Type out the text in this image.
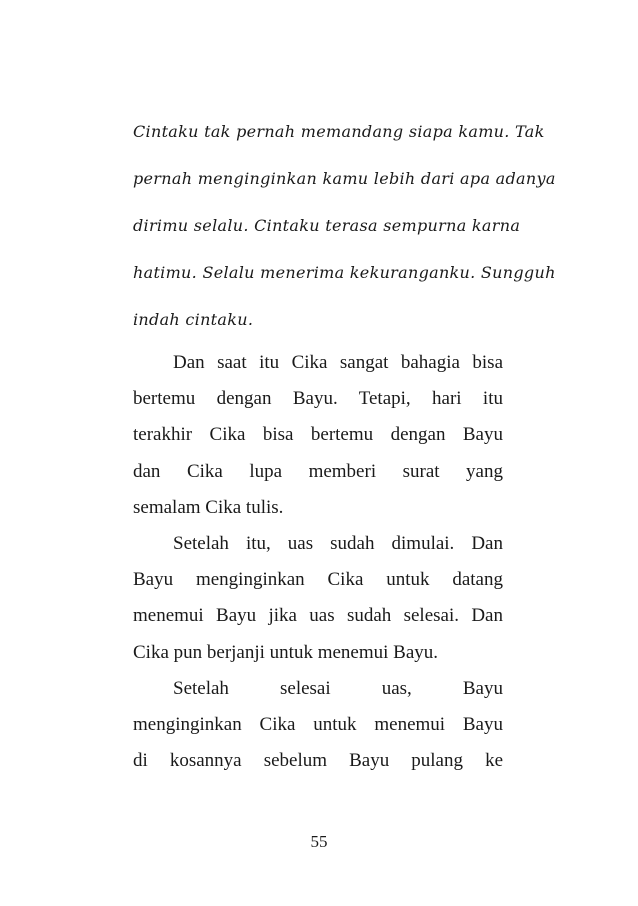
Cintaku tak pernah memandang siapa kamu. Tak
pernah menginginkan kamu lebih dari apa adanya
dirimu selalu. Cintaku terasa sempurna karna
hatimu. Selalu menerima kekuranganku. Sungguh
indah cintaku.
Dan saat itu Cika sangat bahagia bisa
bertemu dengan Bayu. Tetapi, hari itu
terakhir Cika bisa bertemu dengan Bayu
dan Cika lupa memberi surat yang
semalam Cika tulis.
Setelah itu, uas sudah dimulai. Dan
Bayu menginginkan Cika untuk datang
menemui Bayu jika uas sudah selesai. Dan
Cika pun berjanji untuk menemui Bayu.
Setelah selesai uas, Bayu
menginginkan Cika untuk menemui Bayu
di kosannya sebelum Bayu pulang ke
55
